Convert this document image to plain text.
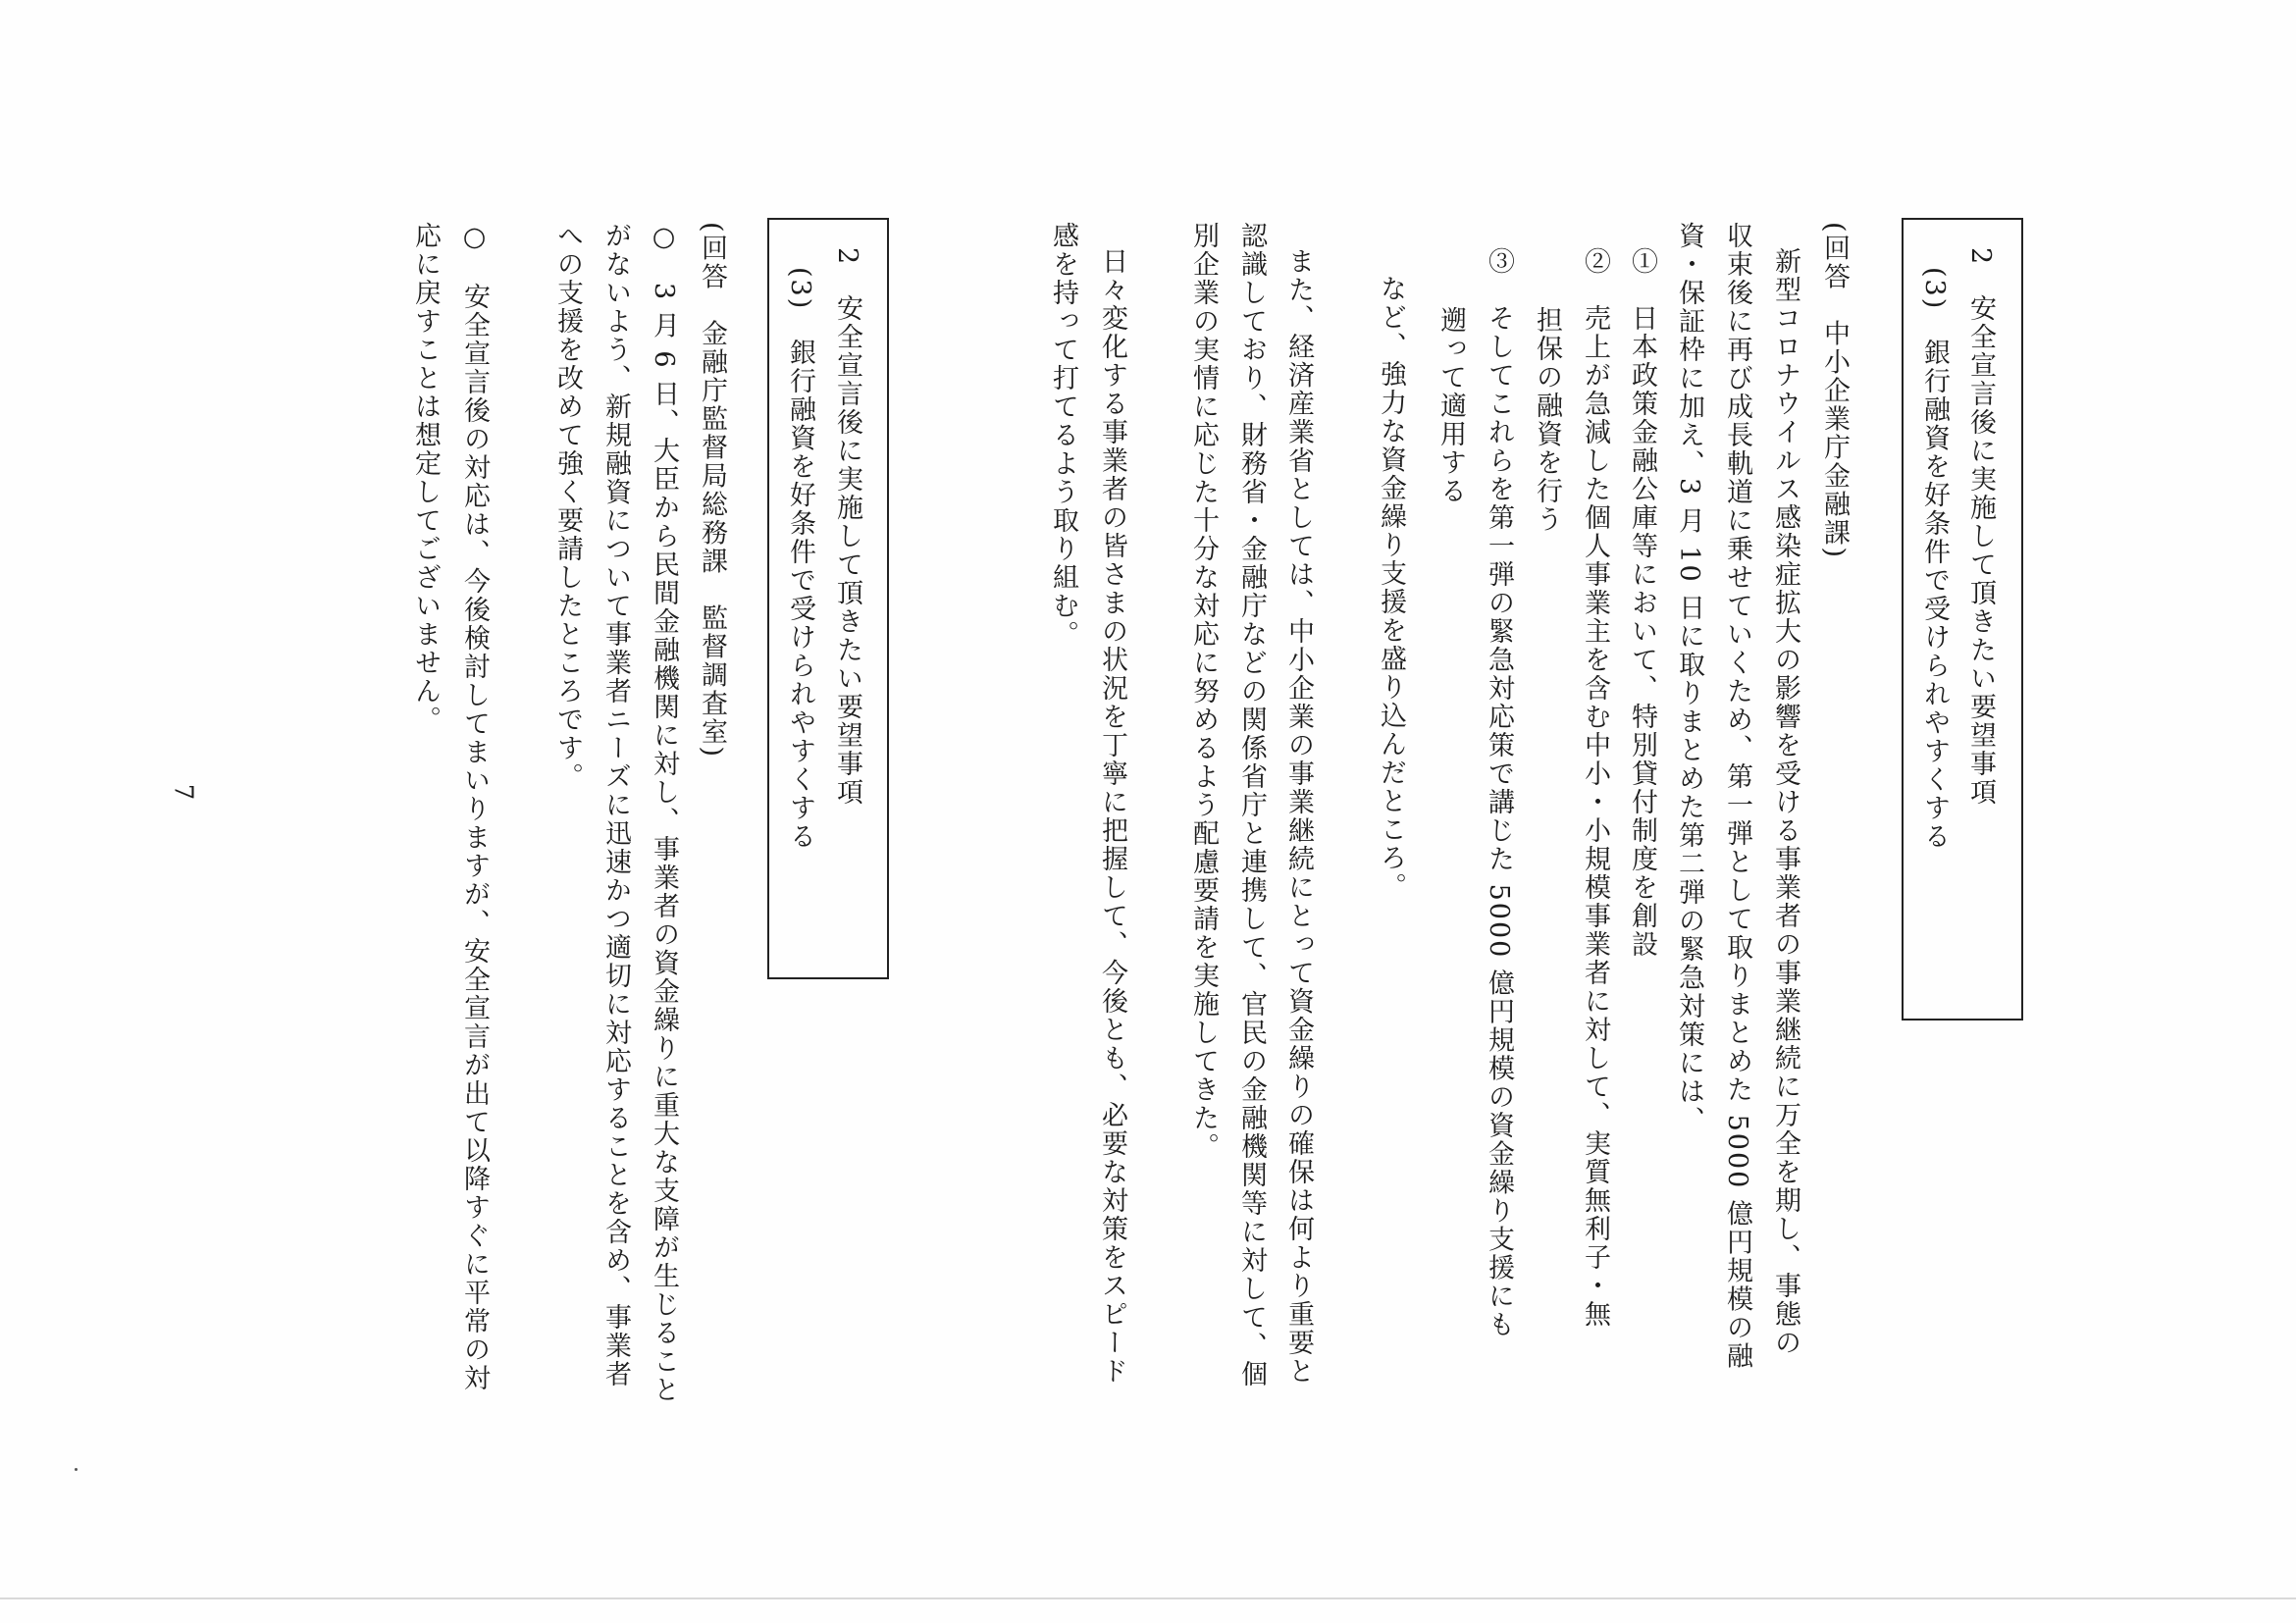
2　安全宣言後に実施して頂きたい要望事項
(3)　銀行融資を好条件で受けられやすくする
(回答　中小企業庁金融課)
新型コロナウイルス感染症拡大の影響を受ける事業者の事業継続に万全を期し、事態の
収束後に再び成長軌道に乗せていくため、第一弾として取りまとめた 5000 億円規模の融
資・保証枠に加え、3 月 10 日に取りまとめた第二弾の緊急対策には、
①　日本政策金融公庫等において、特別貸付制度を創設
②　売上が急減した個人事業主を含む中小・小規模事業者に対して、実質無利子・無
担保の融資を行う
③　そしてこれらを第一弾の緊急対応策で講じた 5000 億円規模の資金繰り支援にも
遡って適用する
など、強力な資金繰り支援を盛り込んだところ。
また、経済産業省としては、中小企業の事業継続にとって資金繰りの確保は何より重要と
認識しており、財務省・金融庁などの関係省庁と連携して、官民の金融機関等に対して、個
別企業の実情に応じた十分な対応に努めるよう配慮要請を実施してきた。
日々変化する事業者の皆さまの状況を丁寧に把握して、今後とも、必要な対策をスピード
感を持って打てるよう取り組む。
2　安全宣言後に実施して頂きたい要望事項
(3)　銀行融資を好条件で受けられやすくする
(回答　金融庁監督局総務課　監督調査室)
○　3 月 6 日、大臣から民間金融機関に対し、事業者の資金繰りに重大な支障が生じること
がないよう、新規融資について事業者ニーズに迅速かつ適切に対応することを含め、事業者
への支援を改めて強く要請したところです。
○　安全宣言後の対応は、今後検討してまいりますが、安全宣言が出て以降すぐに平常の対
応に戻すことは想定してございません。
7
